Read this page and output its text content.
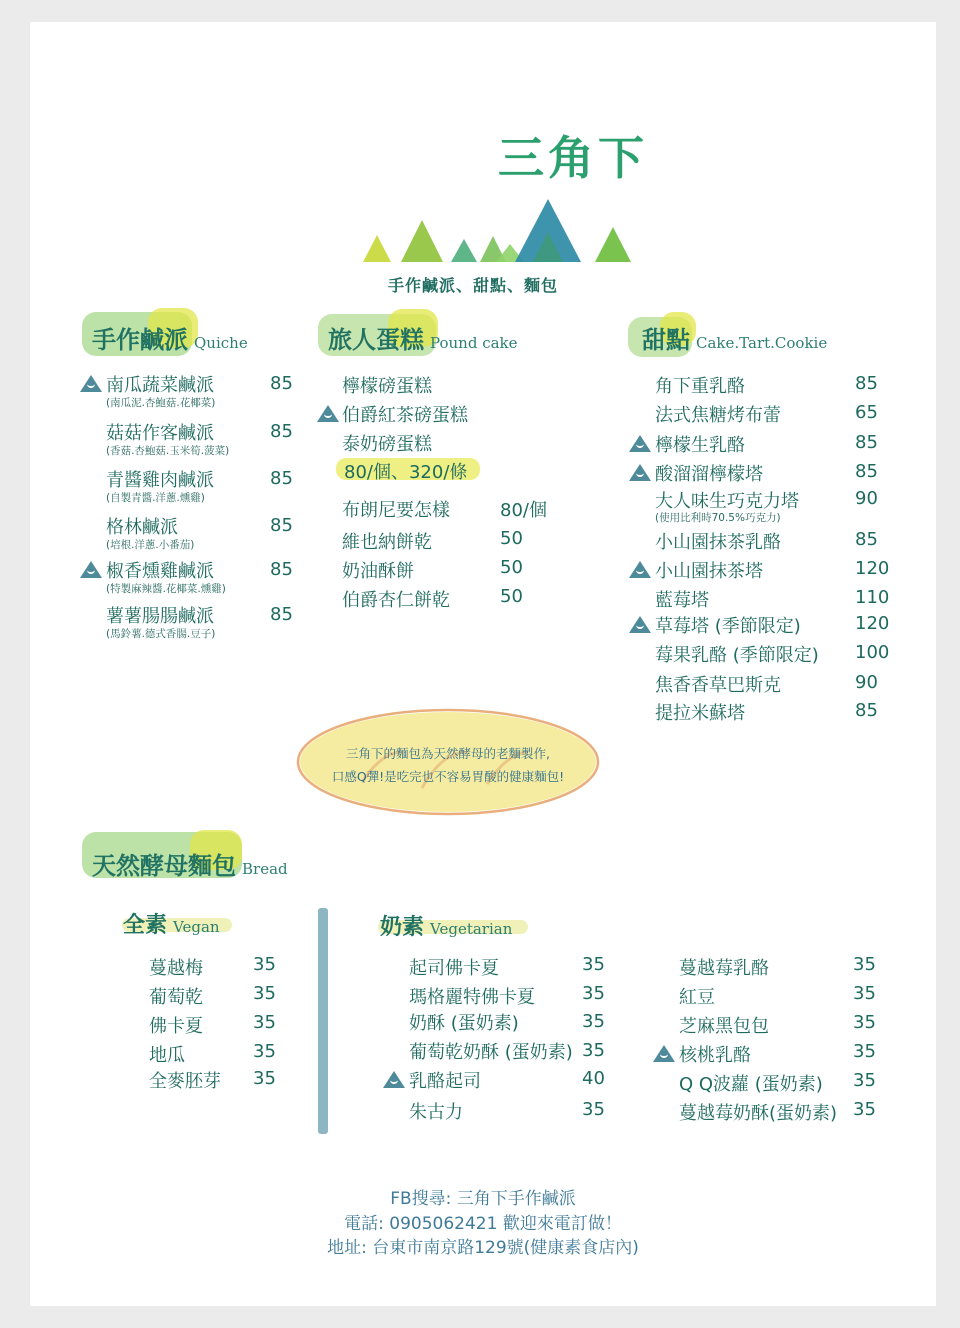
三角下
手作鹹派、甜點、麵包
手作鹹派 Quiche
南瓜蔬菜鹹派
(南瓜泥.杏鮑菇.花椰菜)
85
菇菇作客鹹派
(香菇.杏鮑菇.玉米筍.菠菜)
85
青醬雞肉鹹派
(自製青醬.洋蔥.燻雞)
85
格林鹹派
(培根.洋蔥.小番茄)
85
椒香燻雞鹹派
(特製麻辣醬.花椰菜.燻雞)
85
薯薯腸腸鹹派
(馬鈴薯.德式香腸.豆子)
85
旅人蛋糕 Pound cake
檸檬磅蛋糕
伯爵紅茶磅蛋糕
泰奶磅蛋糕
80/個、320/條
布朗尼要怎樣	80/個
維也納餅乾	50
奶油酥餅	50
伯爵杏仁餅乾	50
甜點 Cake.Tart.Cookie
角下重乳酪	85
法式焦糖烤布蕾	65
檸檬生乳酪	85
酸溜溜檸檬塔	85
大人味生巧克力塔
(使用比利時70.5%巧克力)
90
小山園抹茶乳酪	85
小山園抹茶塔	120
藍莓塔	110
草莓塔 (季節限定)	120
莓果乳酪 (季節限定) 100
焦香香草巴斯克	90
提拉米蘇塔	85
三角下的麵包為天然酵母的老麵製作,
口感Q彈!是吃完也不容易胃酸的健康麵包!
天然酵母麵包 Bread
全素 Vegan
蔓越梅	35
葡萄乾	35
佛卡夏	35
地瓜	35
全麥胚芽 35
奶素 Vegetarian
起司佛卡夏	35
瑪格麗特佛卡夏	35
奶酥 (蛋奶素)	35
葡萄乾奶酥 (蛋奶素) 35
乳酪起司	40
朱古力	35
蔓越莓乳酪	35
紅豆	35
芝麻黑包包	35
核桃乳酪	35
Q Q波蘿 (蛋奶素) 35
蔓越莓奶酥(蛋奶素) 35
FB搜尋: 三角下手作鹹派
電話: 0905062421 歡迎來電訂做！
地址: 台東市南京路129號(健康素食店內)
